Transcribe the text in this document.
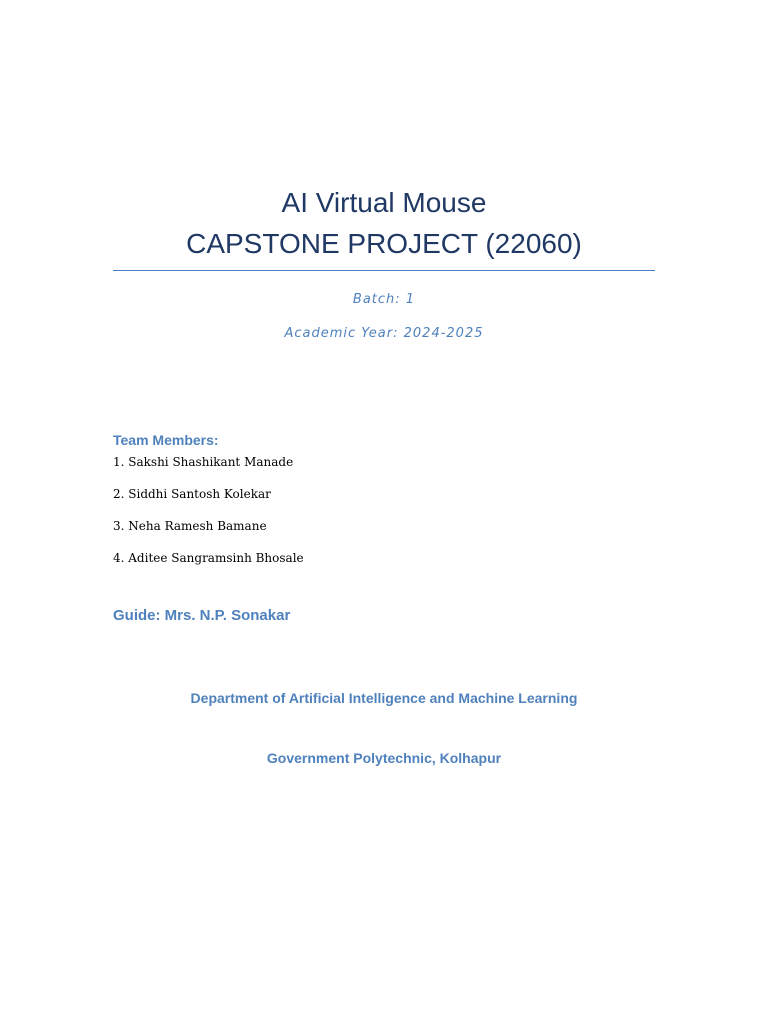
AI Virtual Mouse
CAPSTONE PROJECT (22060)
Batch: 1
Academic Year: 2024-2025
Team Members:
1. Sakshi Shashikant Manade
2. Siddhi Santosh Kolekar
3. Neha Ramesh Bamane
4. Aditee Sangramsinh Bhosale
Guide: Mrs. N.P. Sonakar
Department of Artificial Intelligence and Machine Learning
Government Polytechnic, Kolhapur
